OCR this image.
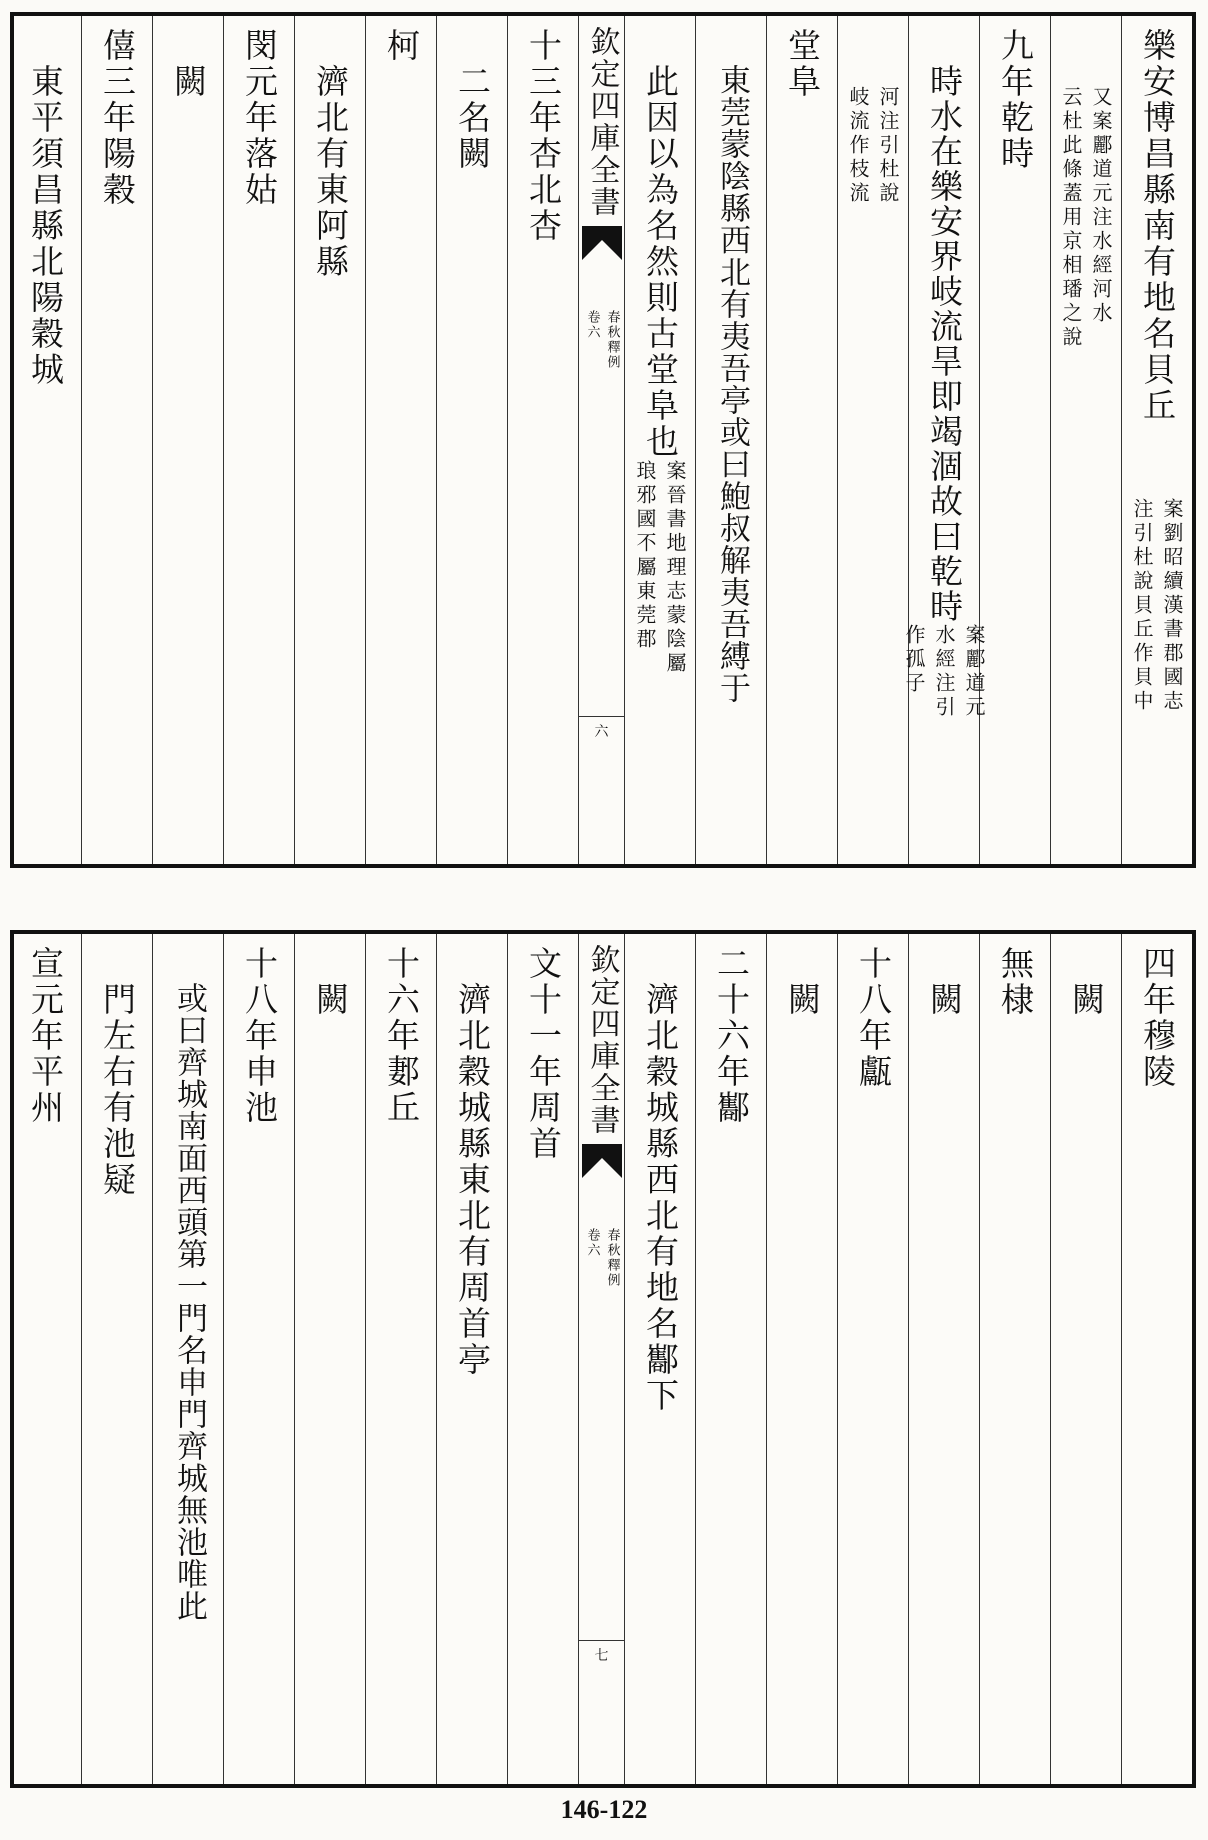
樂安博昌縣南有地名貝丘
案劉昭續漢書郡國志
注引杜說貝丘作貝中
又案酈道元注水經河水
云杜此條蓋用京相璠之說
九年乾時
時水在樂安界岐流旱即竭涸故曰乾時
案酈道元
水經注引
作孤子
河注引杜說
岐流作枝流
堂阜
東莞蒙陰縣西北有夷吾亭或曰鮑叔解夷吾縛于
此因以為名然則古堂阜也
案晉書地理志蒙陰屬
琅邪國不屬東莞郡
欽定四庫全書
春秋釋例
卷六
六
十三年杏北杏
二名闕
柯
濟北有東阿縣
閔元年落姑
闕
僖三年陽穀
東平須昌縣北陽穀城
四年穆陵
闕
無棣
闕
十八年甗
闕
二十六年酅
濟北穀城縣西北有地名酅下
欽定四庫全書
春秋釋例
卷六
七
文十一年周首
濟北穀城縣東北有周首亭
十六年郪丘
闕
十八年申池
或曰齊城南面西頭第一門名申門齊城無池唯此
門左右有池疑
宣元年平州
146-122
